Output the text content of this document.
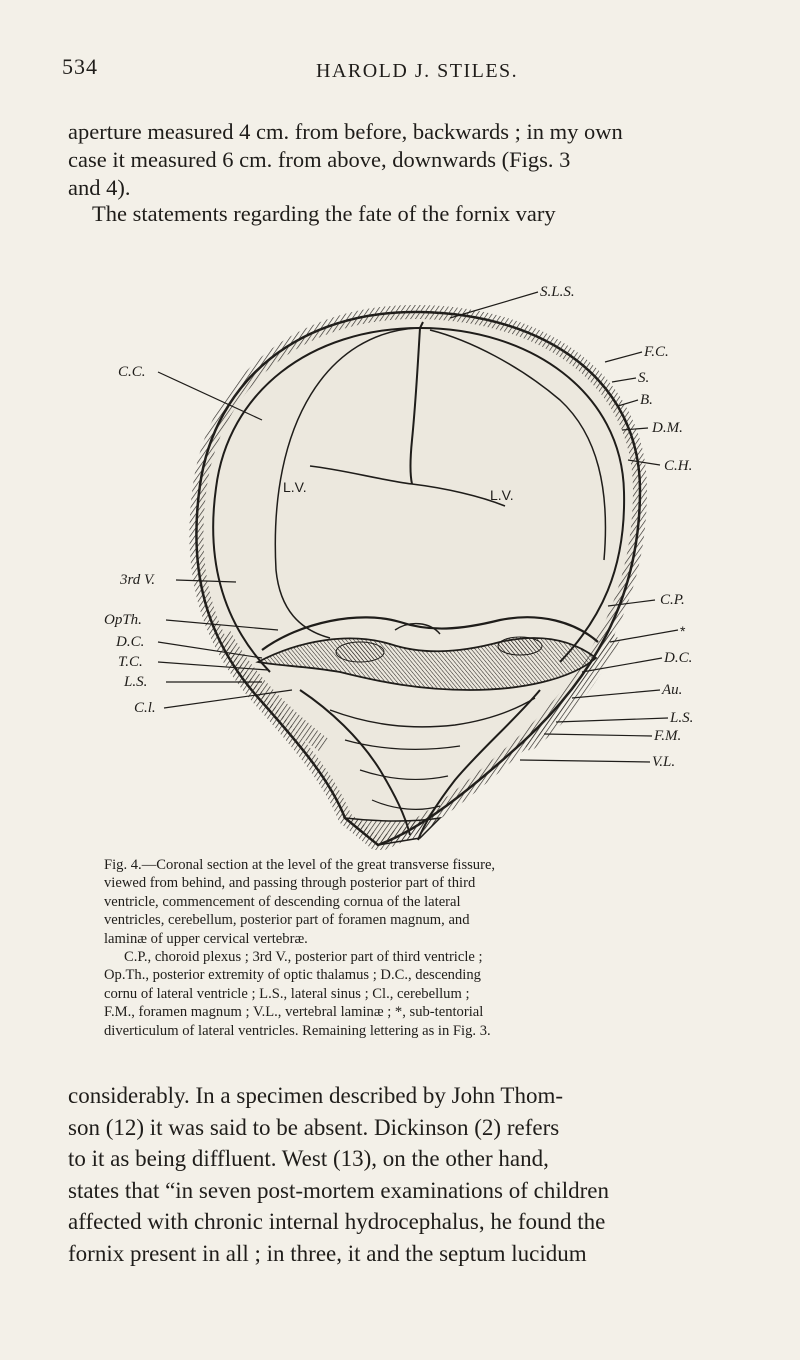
534	HAROLD J. STILES.
aperture measured 4 cm. from before, backwards ; in my own
case it measured 6 cm. from above, downwards (Figs. 3
and 4).
The statements regarding the fate of the fornix vary
S.L.S.
C.C.
F.C.
S.
B.
D.M.
C.H.
L.V.	L.V.
3rd V.
OpTh.
D.C.
T.C.
L.S.
C.l.
C.P.
*
D.C.
Au.
L.S.
F.M.
V.L.
Fig. 4.—Coronal section at the level of the great transverse fissure,
viewed from behind, and passing through posterior part of third
ventricle, commencement of descending cornua of the lateral
ventricles, cerebellum, posterior part of foramen magnum, and
laminæ of upper cervical vertebræ.
C.P., choroid plexus ; 3rd V., posterior part of third ventricle ;
Op.Th., posterior extremity of optic thalamus ; D.C., descending
cornu of lateral ventricle ; L.S., lateral sinus ; Cl., cerebellum ;
F.M., foramen magnum ; V.L., vertebral laminæ ; *, sub-tentorial
diverticulum of lateral ventricles. Remaining lettering as in Fig. 3.
considerably. In a specimen described by John Thom-
son (12) it was said to be absent. Dickinson (2) refers
to it as being diffluent. West (13), on the other hand,
states that “in seven post-mortem examinations of children
affected with chronic internal hydrocephalus, he found the
fornix present in all ; in three, it and the septum lucidum
